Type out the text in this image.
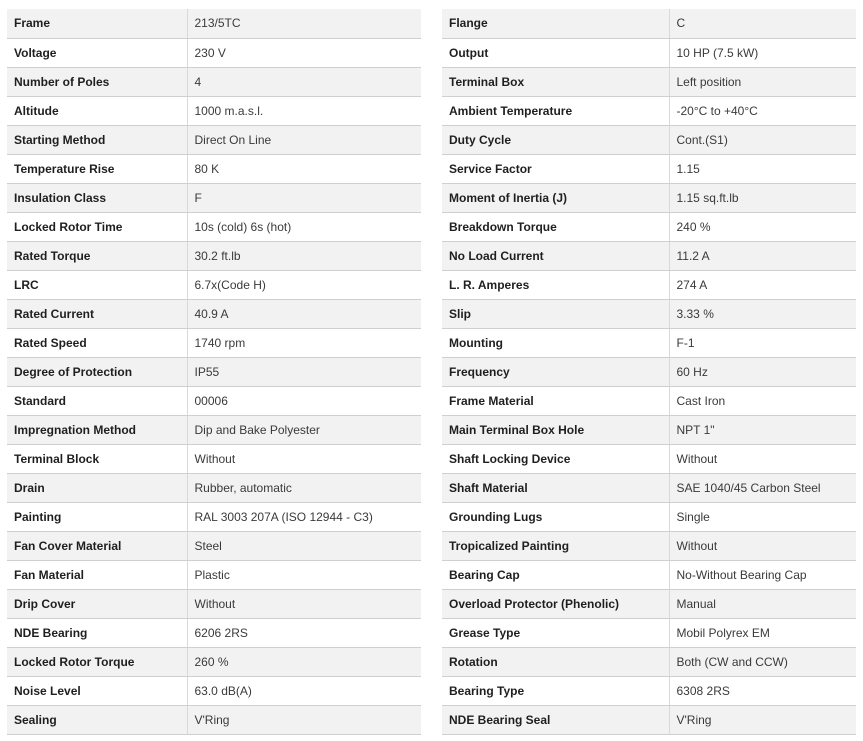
Frame	213/5TC
Voltage	230 V
Number of Poles	4
Altitude	1000 m.a.s.l.
Starting Method	Direct On Line
Temperature Rise	80 K
Insulation Class	F
Locked Rotor Time	10s (cold) 6s (hot)
Rated Torque	30.2 ft.lb
LRC	6.7x(Code H)
Rated Current	40.9 A
Rated Speed	1740 rpm
Degree of Protection	IP55
Standard	00006
Impregnation Method	Dip and Bake Polyester
Terminal Block	Without
Drain	Rubber, automatic
Painting	RAL 3003 207A (ISO 12944 - C3)
Fan Cover Material	Steel
Fan Material	Plastic
Drip Cover	Without
NDE Bearing	6206 2RS
Locked Rotor Torque	260 %
Noise Level	63.0 dB(A)
Sealing	V'Ring
Flange	C
Output	10 HP (7.5 kW)
Terminal Box	Left position
Ambient Temperature	-20°C to +40°C
Duty Cycle	Cont.(S1)
Service Factor	1.15
Moment of Inertia (J)	1.15 sq.ft.lb
Breakdown Torque	240 %
No Load Current	11.2 A
L. R. Amperes	274 A
Slip	3.33 %
Mounting	F-1
Frequency	60 Hz
Frame Material	Cast Iron
Main Terminal Box Hole	NPT 1"
Shaft Locking Device	Without
Shaft Material	SAE 1040/45 Carbon Steel
Grounding Lugs	Single
Tropicalized Painting	Without
Bearing Cap	No-Without Bearing Cap
Overload Protector (Phenolic)	Manual
Grease Type	Mobil Polyrex EM
Rotation	Both (CW and CCW)
Bearing Type	6308 2RS
NDE Bearing Seal	V'Ring
